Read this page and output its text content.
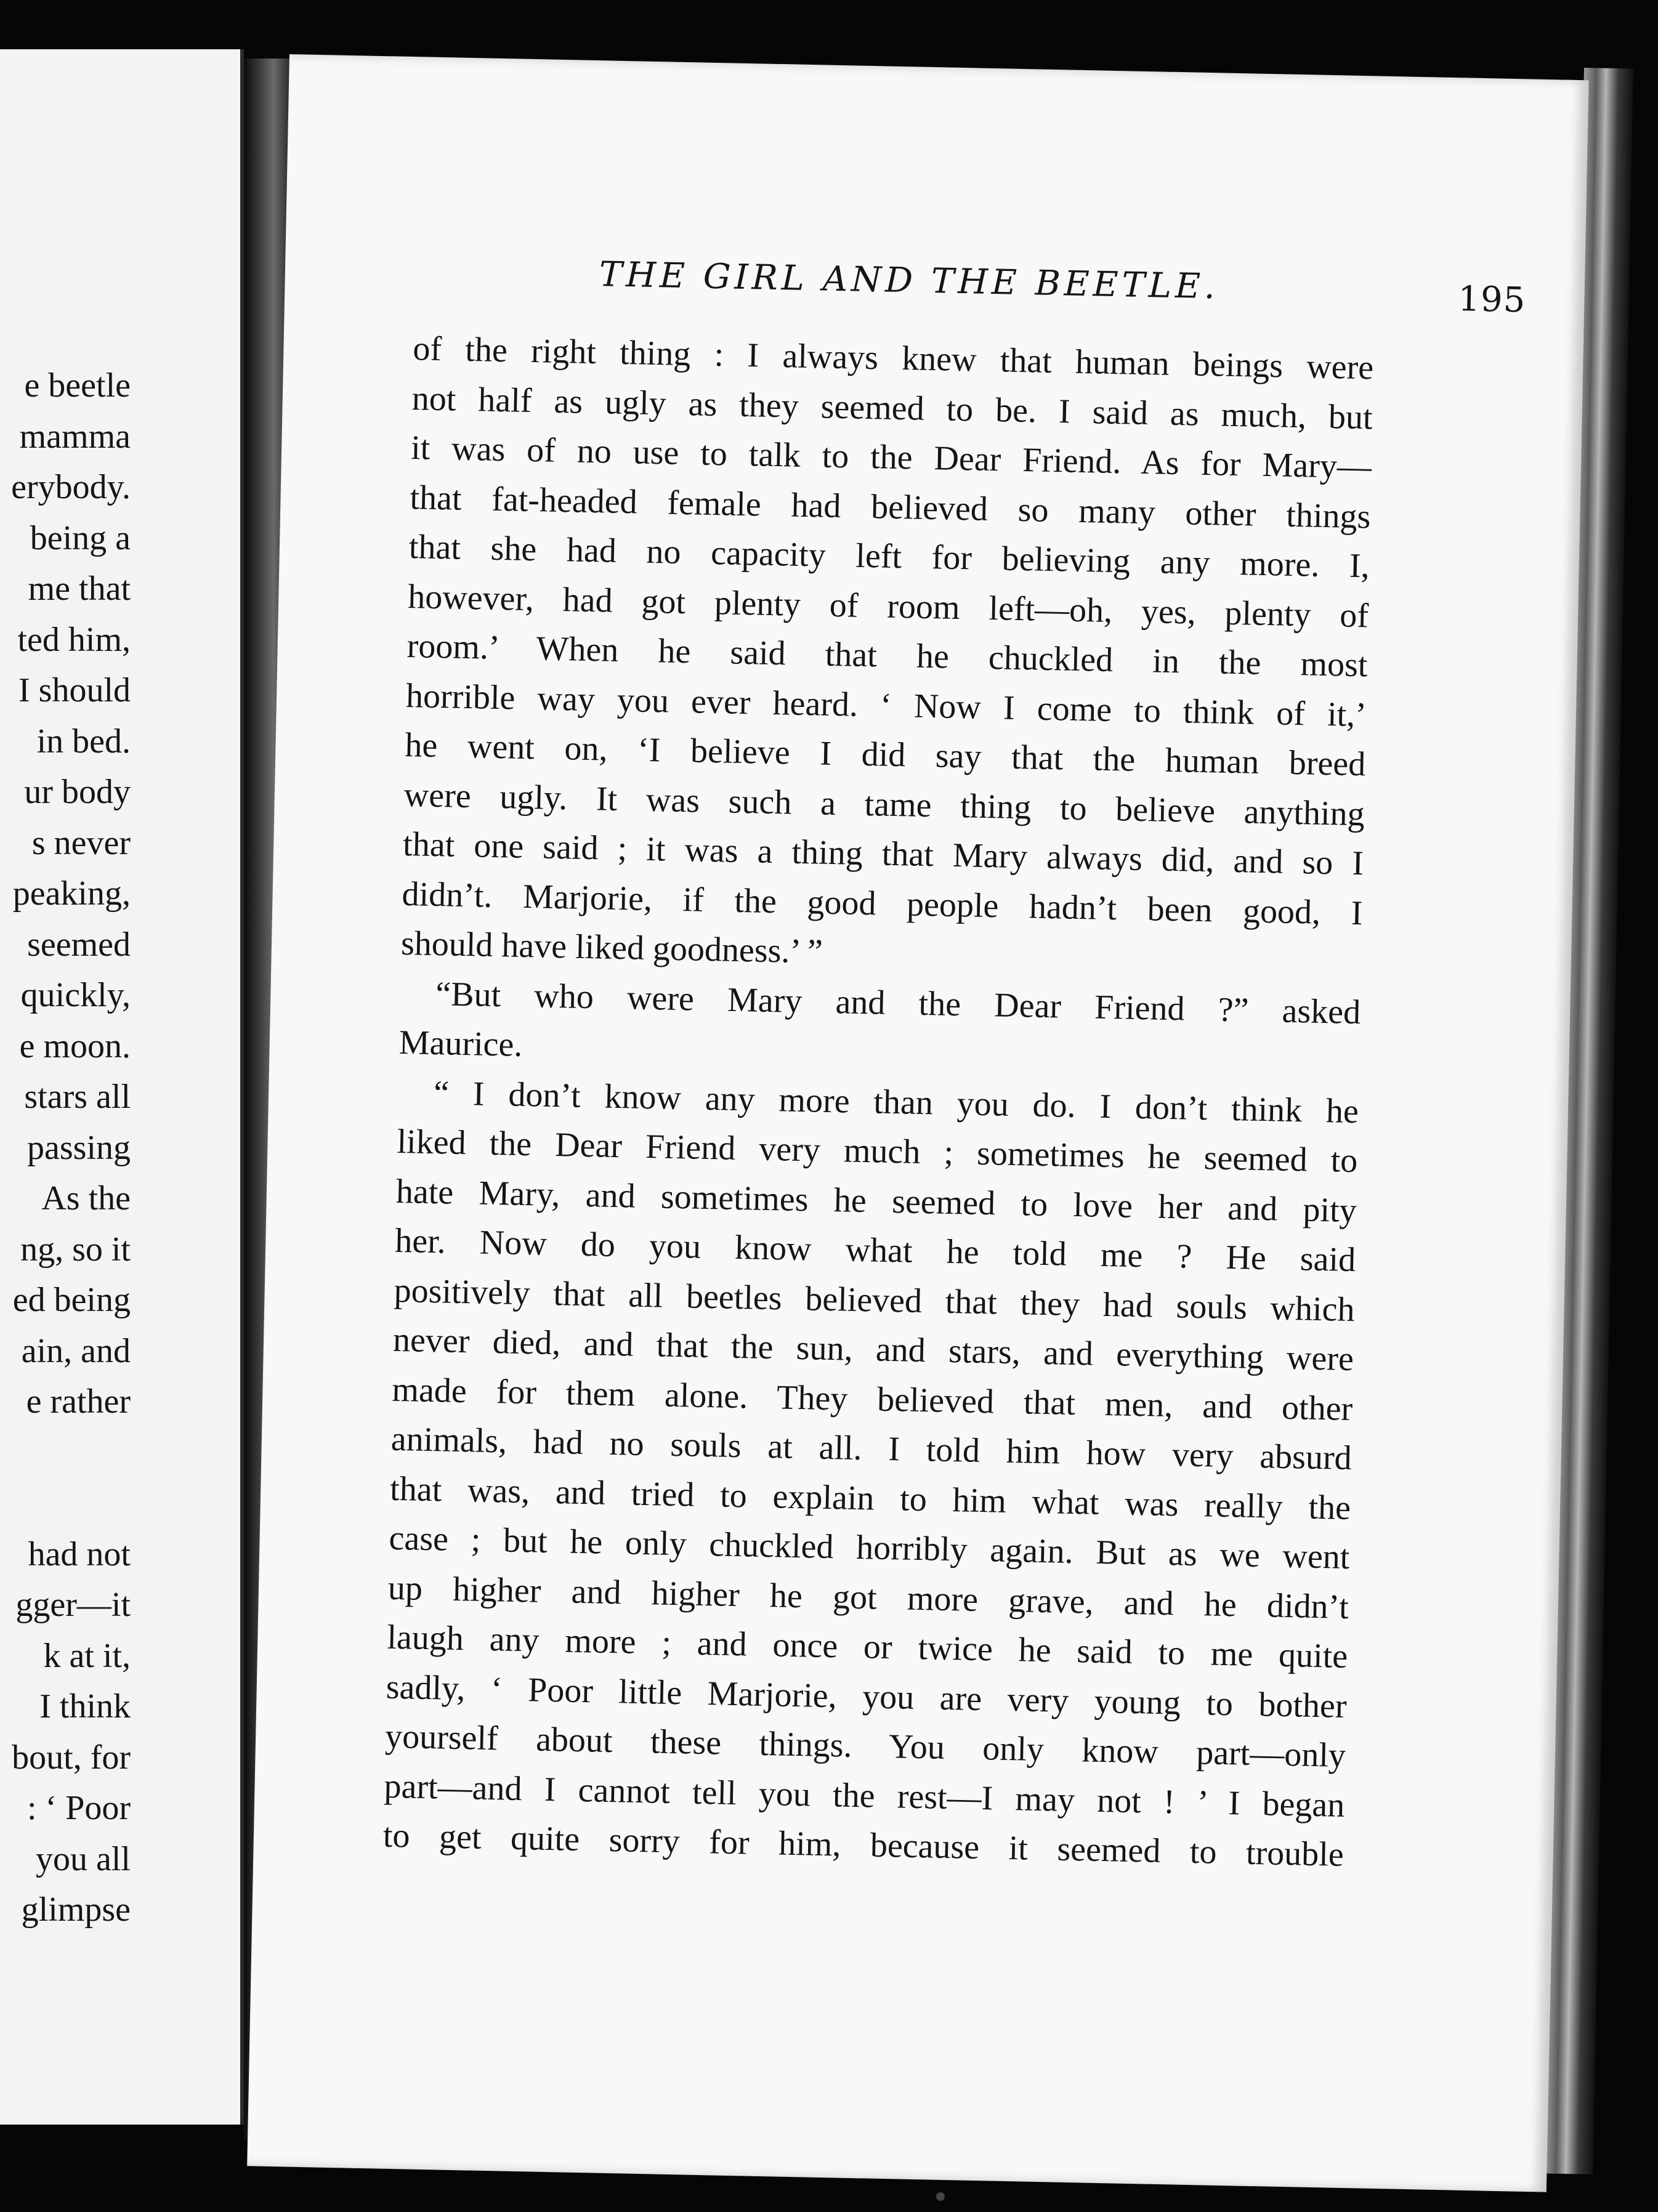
e beetle
mamma
erybody.
being a
me that
ted him,
I should
in bed.
ur body
s never
peaking,
seemed
quickly,
e moon.
stars all
passing
As the
ng, so it
ed being
ain, and
e rather
had not
gger—it
k at it,
I think
bout, for
: ‘ Poor
you all
glimpse
THE GIRL AND THE BEETLE.	195
of the right thing : I always knew that human beings were
not half as ugly as they seemed to be. I said as much, but
it was of no use to talk to the Dear Friend. As for Mary—
that fat-headed female had believed so many other things
that she had no capacity left for believing any more. I,
however, had got plenty of room left—oh, yes, plenty of
room.’ When he said that he chuckled in the most
horrible way you ever heard. ‘ Now I come to think of it,’
he went on, ‘I believe I did say that the human breed
were ugly. It was such a tame thing to believe anything
that one said ; it was a thing that Mary always did, and so I
didn’t. Marjorie, if the good people hadn’t been good, I
should have liked goodness.’ ”
“But who were Mary and the Dear Friend ?” asked
Maurice.
“ I don’t know any more than you do. I don’t think he
liked the Dear Friend very much ; sometimes he seemed to
hate Mary, and sometimes he seemed to love her and pity
her. Now do you know what he told me ? He said
positively that all beetles believed that they had souls which
never died, and that the sun, and stars, and everything were
made for them alone. They believed that men, and other
animals, had no souls at all. I told him how very absurd
that was, and tried to explain to him what was really the
case ; but he only chuckled horribly again. But as we went
up higher and higher he got more grave, and he didn’t
laugh any more ; and once or twice he said to me quite
sadly, ‘ Poor little Marjorie, you are very young to bother
yourself about these things. You only know part—only
part—and I cannot tell you the rest—I may not ! ’ I began
to get quite sorry for him, because it seemed to trouble
